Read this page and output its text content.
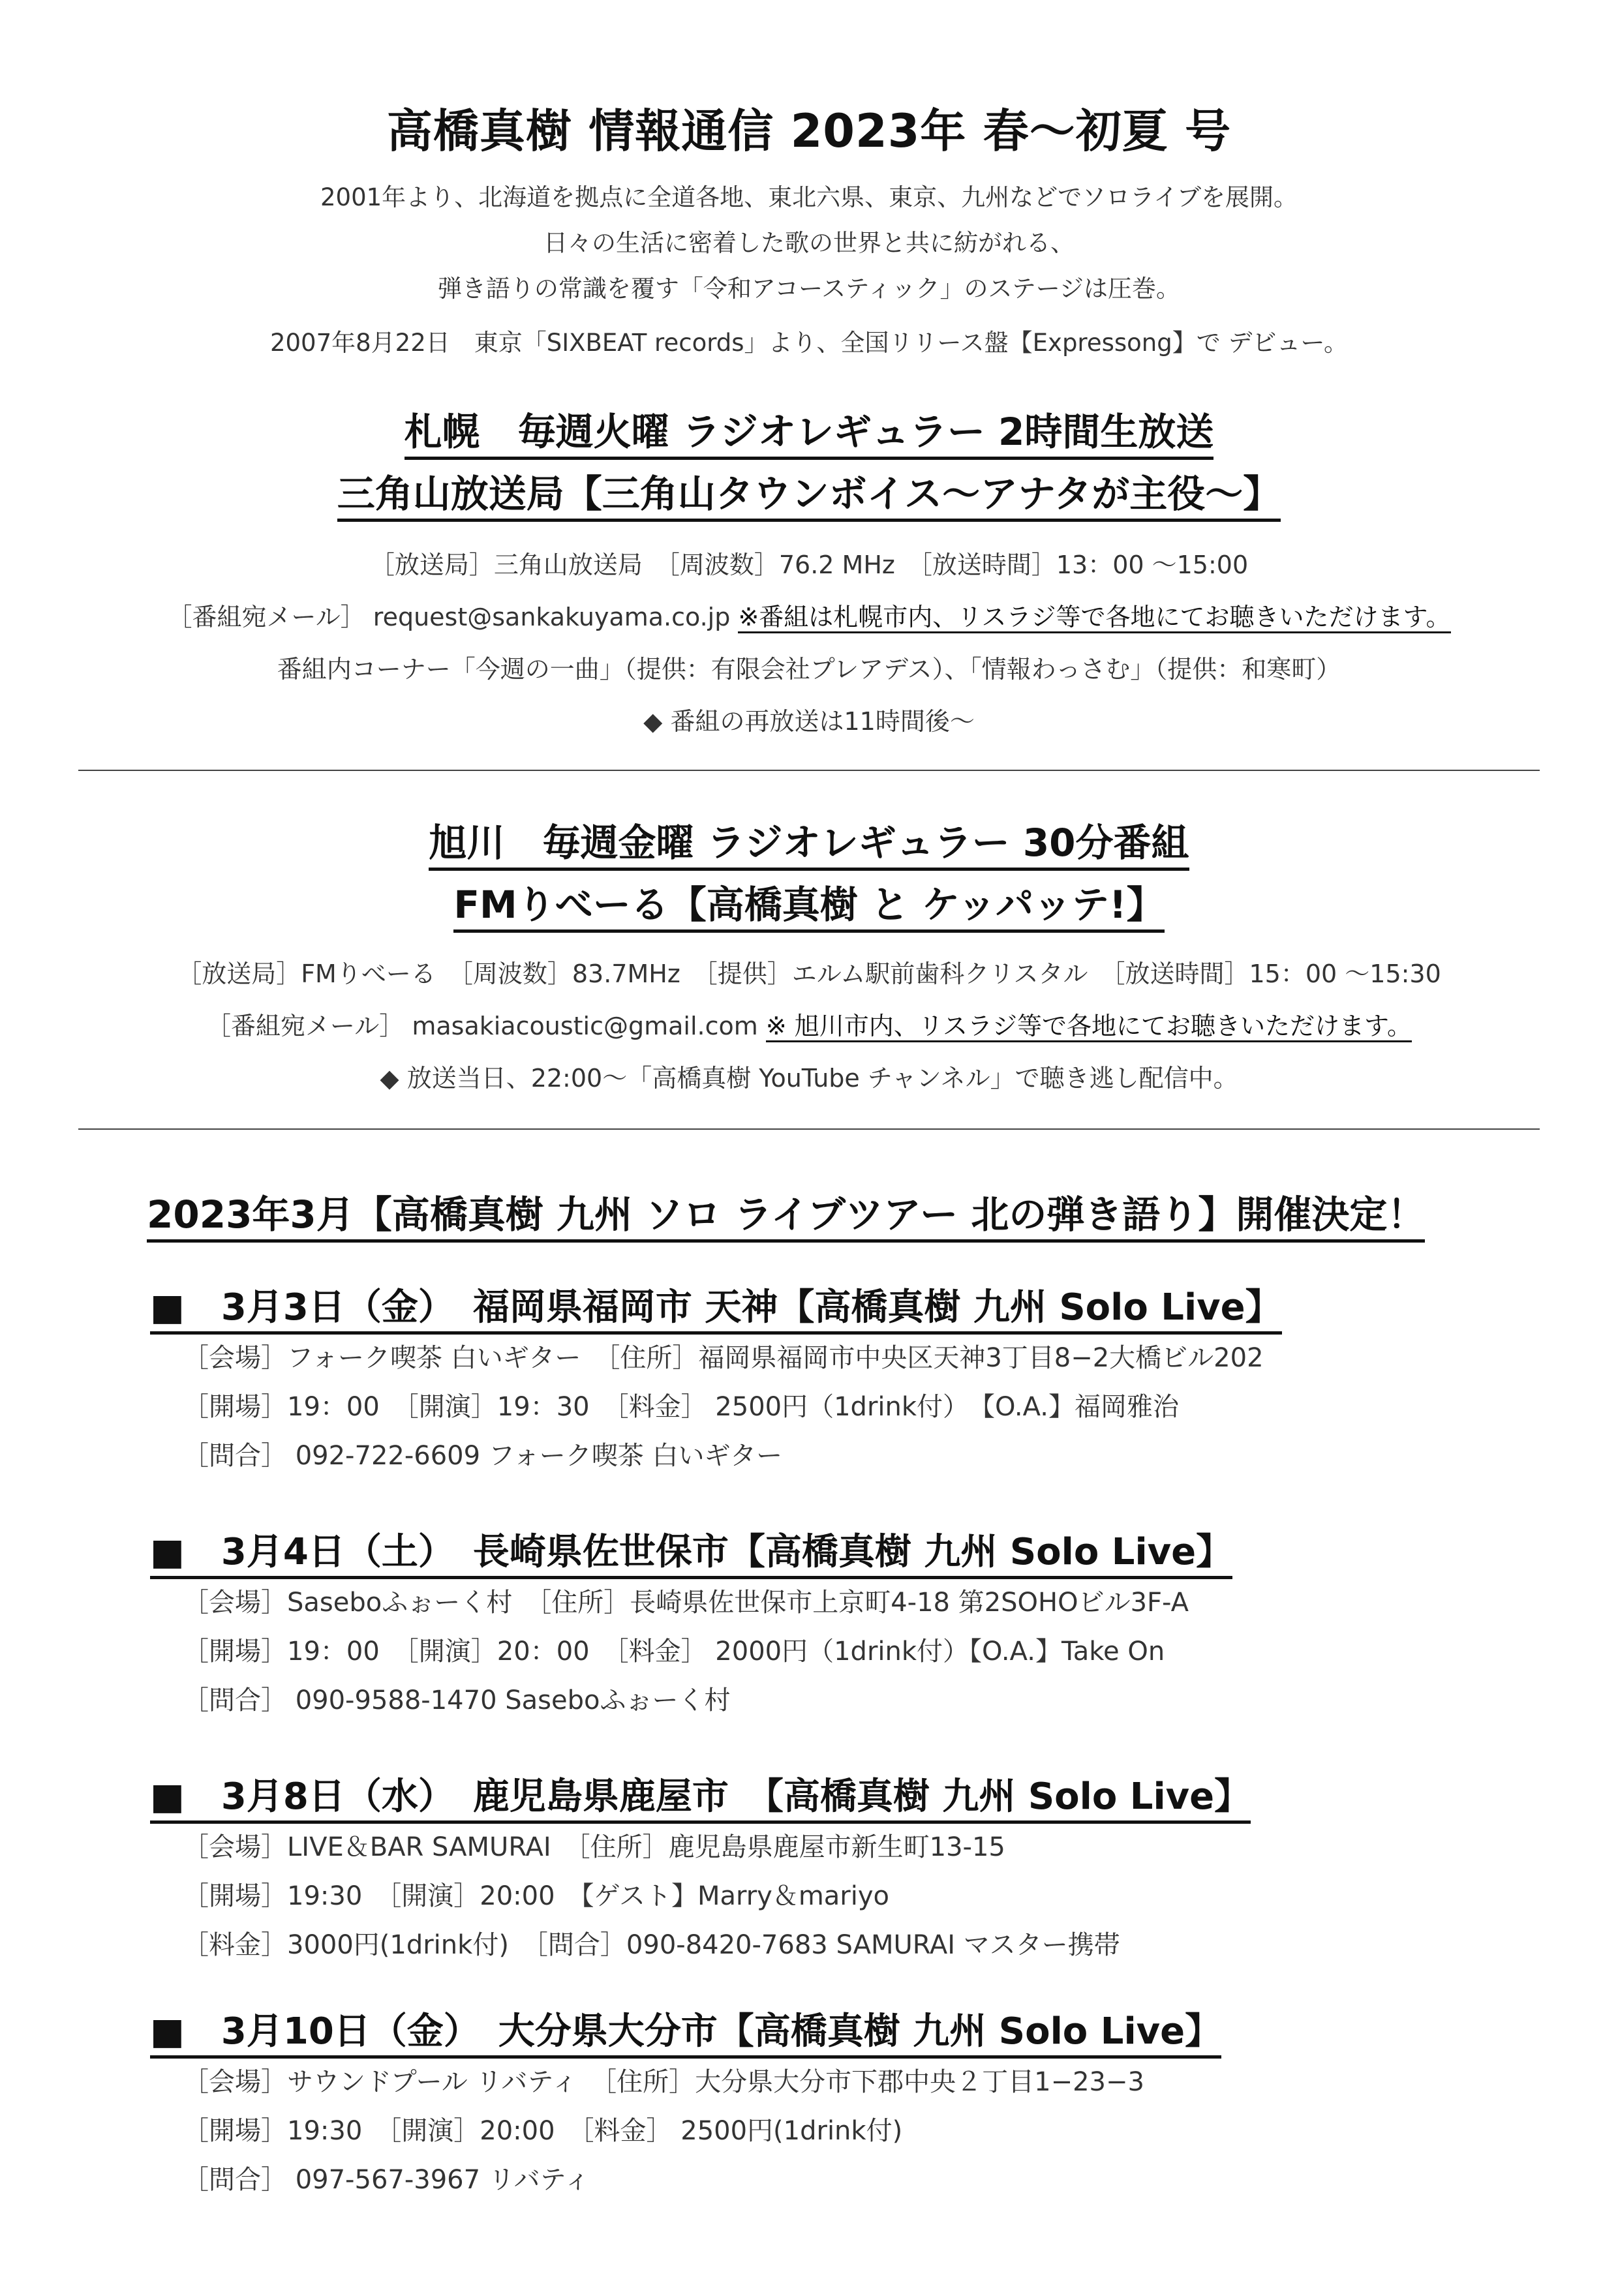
高橋真樹 情報通信 2023年 春〜初夏 号
2001年より、北海道を拠点に全道各地、東北六県、東京、九州などでソロライブを展開。
日々の生活に密着した歌の世界と共に紡がれる、
弾き語りの常識を覆す「令和アコースティック」のステージは圧巻。
2007年8月22日　東京「SIXBEAT records」より、全国リリース盤【Expressong】で デビュー。
札幌　毎週火曜 ラジオレギュラー 2時間生放送
三角山放送局【三角山タウンボイス〜アナタが主役〜】
［放送局］三角山放送局　［周波数］76.2 MHz　［放送時間］13：00 〜15:00
［番組宛メール］ request@sankakuyama.co.jp ※番組は札幌市内、リスラジ等で各地にてお聴きいただけます。
番組内コーナー「今週の一曲」（提供：有限会社プレアデス）、「情報わっさむ」（提供：和寒町）
◆ 番組の再放送は11時間後〜
旭川　毎週金曜 ラジオレギュラー 30分番組
FMりべーる【高橋真樹 と ケッパッテ!】
［放送局］FMりべーる　［周波数］83.7MHz　［提供］エルム駅前歯科クリスタル　［放送時間］15：00 〜15:30
［番組宛メール］ masakiacoustic@gmail.com ※ 旭川市内、リスラジ等で各地にてお聴きいただけます。
◆ 放送当日、22:00〜「高橋真樹 YouTube チャンネル」で聴き逃し配信中。
2023年3月【高橋真樹 九州 ソロ ライブツアー 北の弾き語り】開催決定！
■　3月3日（金）　福岡県福岡市 天神【高橋真樹 九州 Solo Live】
［会場］フォーク喫茶 白いギター　［住所］福岡県福岡市中央区天神3丁目8−2大橋ビル202
［開場］19：00　［開演］19：30　［料金］ 2500円（1drink付）　【O.A.】福岡雅治
［問合］ 092-722-6609 フォーク喫茶 白いギター
■　3月4日（土）　長崎県佐世保市【高橋真樹 九州 Solo Live】
［会場］Saseboふぉーく村　［住所］長崎県佐世保市上京町4-18 第2SOHOビル3F-A
［開場］19：00　［開演］20：00　［料金］ 2000円（1drink付）【O.A.】Take On
［問合］ 090-9588-1470 Saseboふぉーく村
■　3月8日（水）　鹿児島県鹿屋市　【高橋真樹 九州 Solo Live】
［会場］LIVE＆BAR SAMURAI　［住所］鹿児島県鹿屋市新生町13-15
［開場］19:30　［開演］20:00　【ゲスト】Marry＆mariyo
［料金］3000円(1drink付)　［問合］090-8420-7683 SAMURAI マスター携帯
■　3月10日（金）　大分県大分市【高橋真樹 九州 Solo Live】
［会場］サウンドプール リバティ　［住所］大分県大分市下郡中央２丁目1−23−3
［開場］19:30　［開演］20:00　［料金］ 2500円(1drink付)
［問合］ 097-567-3967 リバティ
